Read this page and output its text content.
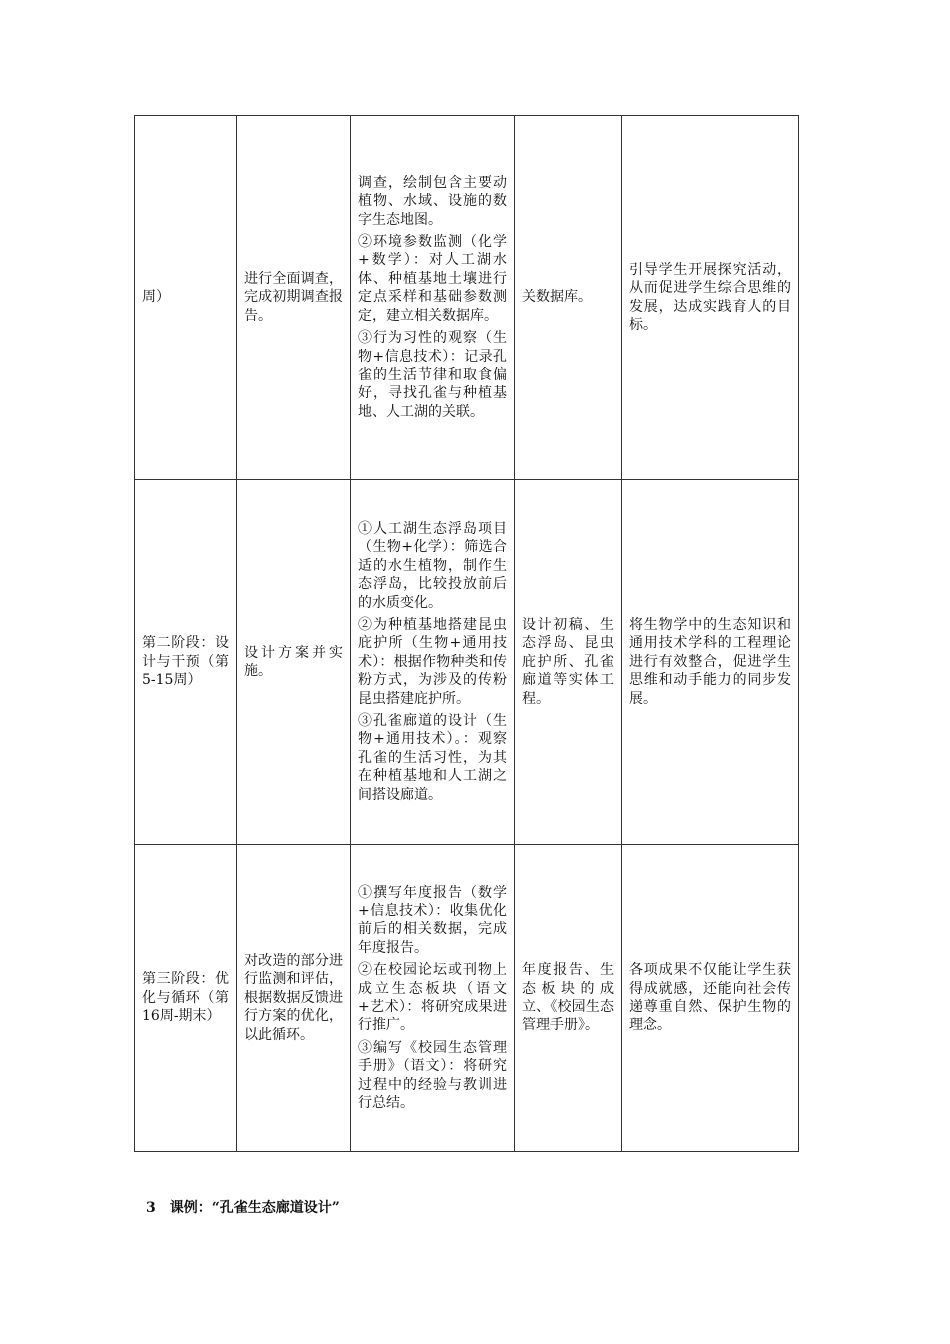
周）	进行全面调查，完成初期调查报告。	调查，绘制包含主要动植物、水域、设施的数字生态地图。

②环境参数监测（化学+数学）：对人工湖水体、种植基地土壤进行定点采样和基础参数测定，建立相关数据库。

③行为习性的观察（生物+信息技术）：记录孔雀的生活节律和取食偏好，寻找孔雀与种植基地、人工湖的关联。	关数据库。	引导学生开展探究活动，从而促进学生综合思维的发展，达成实践育人的目标。
第二阶段：设计与干预（第5-15周）	设计方案并实施。	①人工湖生态浮岛项目（生物+化学）：筛选合适的水生植物，制作生态浮岛，比较投放前后的水质变化。

②为种植基地搭建昆虫庇护所（生物+通用技术）：根据作物种类和传粉方式，为涉及的传粉昆虫搭建庇护所。

③孔雀廊道的设计（生物+通用技术）。：观察孔雀的生活习性，为其在种植基地和人工湖之间搭设廊道。	设计初稿、生态浮岛、昆虫庇护所、孔雀廊道等实体工程。	将生物学中的生态知识和通用技术学科的工程理论进行有效整合，促进学生思维和动手能力的同步发展。
第三阶段：优化与循环（第16周-期末）	对改造的部分进行监测和评估，根据数据反馈进行方案的优化，以此循环。	①撰写年度报告（数学+信息技术）：收集优化前后的相关数据，完成年度报告。

②在校园论坛或刊物上成立生态板块（语文+艺术）：将研究成果进行推广。

③编写《校园生态管理手册》（语文）：将研究过程中的经验与教训进行总结。	年度报告、生态板块的成立、《校园生态管理手册》。	各项成果不仅能让学生获得成就感，还能向社会传递尊重自然、保护生物的理念。
3　课例：“孔雀生态廊道设计”
